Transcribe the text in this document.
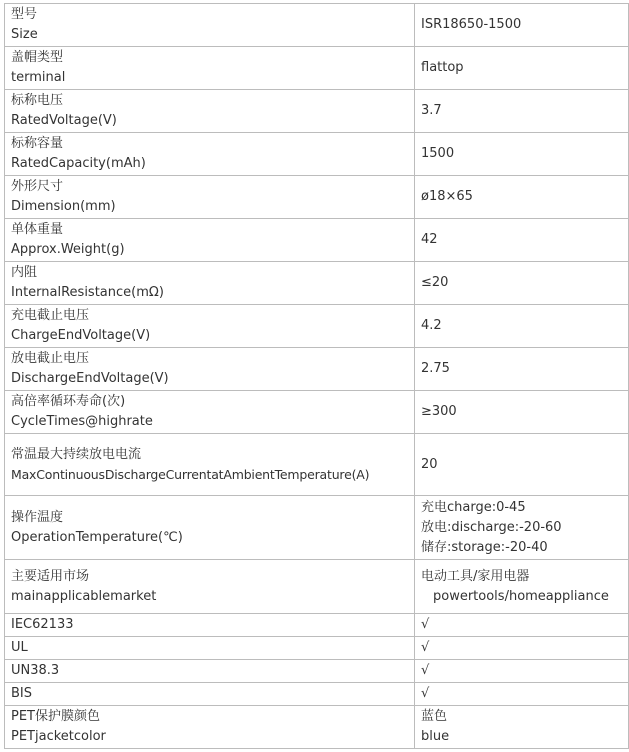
型号
Size	ISR18650-1500

盖帽类型
terminal	flattop

标称电压
RatedVoltage(V)	3.7

标称容量
RatedCapacity(mAh)	1500

外形尺寸
Dimension(mm)	ø18×65

单体重量
Approx.Weight(g)	42

内阻
InternalResistance(mΩ)	≤20

充电截止电压
ChargeEndVoltage(V)	4.2

放电截止电压
DischargeEndVoltage(V)	2.75

高倍率循环寿命(次)
CycleTimes@highrate	≥300

常温最大持续放电电流
MaxContinuousDischargeCurrentatAmbientTemperature(A)	20

操作温度
OperationTemperature(℃)	充电charge:0-45
放电:discharge:-20-60
储存:storage:-20-40

主要适用市场
mainapplicablemarket	电动工具/家用电器
powertools/homeappliance

IEC62133	√

UL	√

UN38.3	√

BIS	√

PET保护膜颜色
PETjacketcolor	蓝色
blue
